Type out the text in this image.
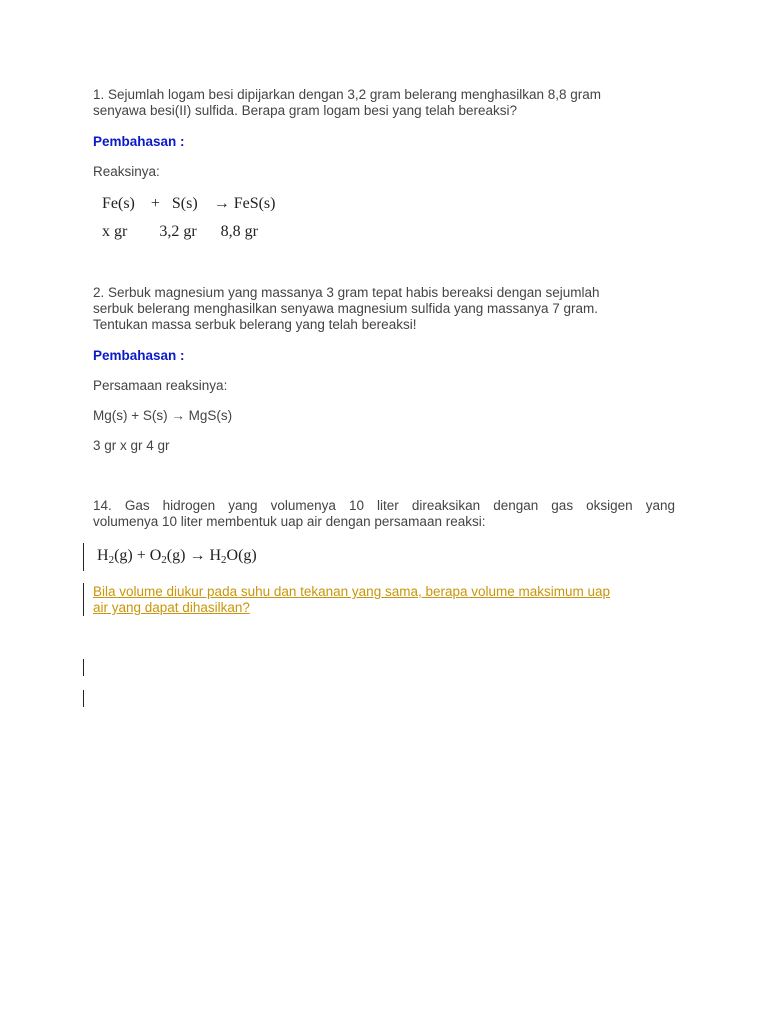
1. Sejumlah logam besi dipijarkan dengan 3,2 gram belerang menghasilkan 8,8 gram
senyawa besi(II) sulfida. Berapa gram logam besi yang telah bereaksi?

Pembahasan :

Reaksinya:

Fe(s)    +   S(s)    → FeS(s)

x gr        3,2 gr      8,8 gr

2. Serbuk magnesium yang massanya 3 gram tepat habis bereaksi dengan sejumlah
serbuk belerang menghasilkan senyawa magnesium sulfida yang massanya 7 gram.
Tentukan massa serbuk belerang yang telah bereaksi!

Pembahasan :

Persamaan reaksinya:

Mg(s) + S(s) → MgS(s)

3 gr x gr 4 gr

14. Gas hidrogen yang volumenya 10 liter direaksikan dengan gas oksigen yang
volumenya 10 liter membentuk uap air dengan persamaan reaksi:

$H_2(g) + O_2(g) \to H_2O(g)$

Bila volume diukur pada suhu dan tekanan yang sama, berapa volume maksimum uap
air yang dapat dihasilkan?
